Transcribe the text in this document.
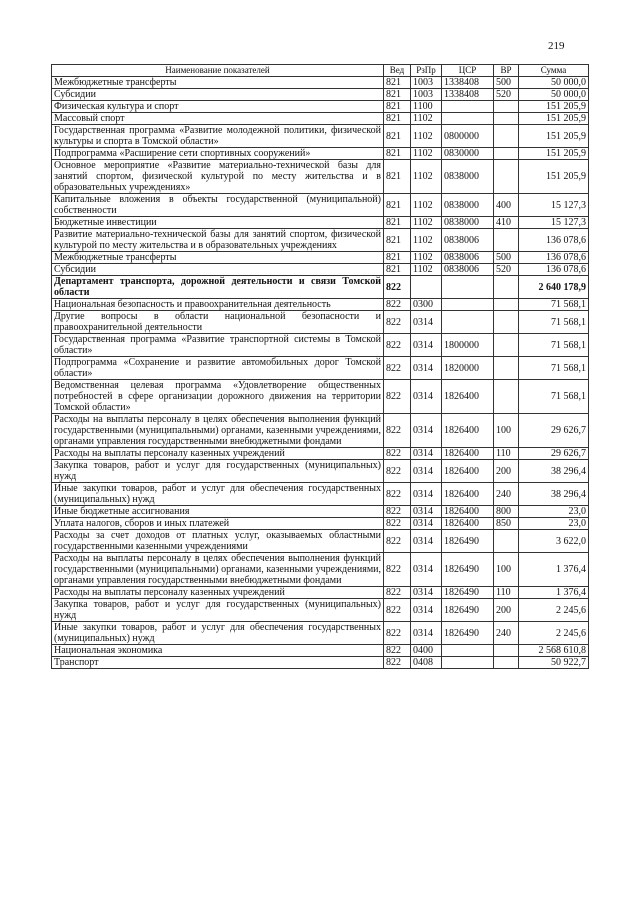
219
Наименование показателей	Вед	РзПр	ЦСР	ВР	Сумма
Межбюджетные трансферты	821	1003	1338408	500	50 000,0
Субсидии	821	1003	1338408	520	50 000,0
Физическая культура и спорт	821	1100			151 205,9
Массовый спорт	821	1102			151 205,9
Государственная программа «Развитие молодежной политики, физической культуры и спорта в Томской области»	821	1102	0800000		151 205,9
Подпрограмма «Расширение сети спортивных сооружений»	821	1102	0830000		151 205,9
Основное мероприятие «Развитие материально-технической базы для занятий спортом, физической культурой по месту жительства и в образовательных учреждениях»	821	1102	0838000		151 205,9
Капитальные вложения в объекты государственной (муниципальной) собственности	821	1102	0838000	400	15 127,3
Бюджетные инвестиции	821	1102	0838000	410	15 127,3
Развитие материально-технической базы для занятий спортом, физической культурой по месту жительства и в образовательных учреждениях	821	1102	0838006		136 078,6
Межбюджетные трансферты	821	1102	0838006	500	136 078,6
Субсидии	821	1102	0838006	520	136 078,6
Департамент транспорта, дорожной деятельности и связи Томской области	822				2 640 178,9
Национальная безопасность и правоохранительная деятельность	822	0300			71 568,1
Другие вопросы в области национальной безопасности и правоохранительной деятельности	822	0314			71 568,1
Государственная программа «Развитие транспортной системы в Томской области»	822	0314	1800000		71 568,1
Подпрограмма «Сохранение и развитие автомобильных дорог Томской области»	822	0314	1820000		71 568,1
Ведомственная целевая программа «Удовлетворение общественных потребностей в сфере организации дорожного движения на территории Томской области»	822	0314	1826400		71 568,1
Расходы на выплаты персоналу в целях обеспечения выполнения функций государственными (муниципальными) органами, казенными учреждениями, органами управления государственными внебюджетными фондами	822	0314	1826400	100	29 626,7
Расходы на выплаты персоналу казенных учреждений	822	0314	1826400	110	29 626,7
Закупка товаров, работ и услуг для государственных (муниципальных) нужд	822	0314	1826400	200	38 296,4
Иные закупки товаров, работ и услуг для обеспечения государственных (муниципальных) нужд	822	0314	1826400	240	38 296,4
Иные бюджетные ассигнования	822	0314	1826400	800	23,0
Уплата налогов, сборов и иных платежей	822	0314	1826400	850	23,0
Расходы за счет доходов от платных услуг, оказываемых областными государственными казенными учреждениями	822	0314	1826490		3 622,0
Расходы на выплаты персоналу в целях обеспечения выполнения функций государственными (муниципальными) органами, казенными учреждениями, органами управления государственными внебюджетными фондами	822	0314	1826490	100	1 376,4
Расходы на выплаты персоналу казенных учреждений	822	0314	1826490	110	1 376,4
Закупка товаров, работ и услуг для государственных (муниципальных) нужд	822	0314	1826490	200	2 245,6
Иные закупки товаров, работ и услуг для обеспечения государственных (муниципальных) нужд	822	0314	1826490	240	2 245,6
Национальная экономика	822	0400			2 568 610,8
Транспорт	822	0408			50 922,7
